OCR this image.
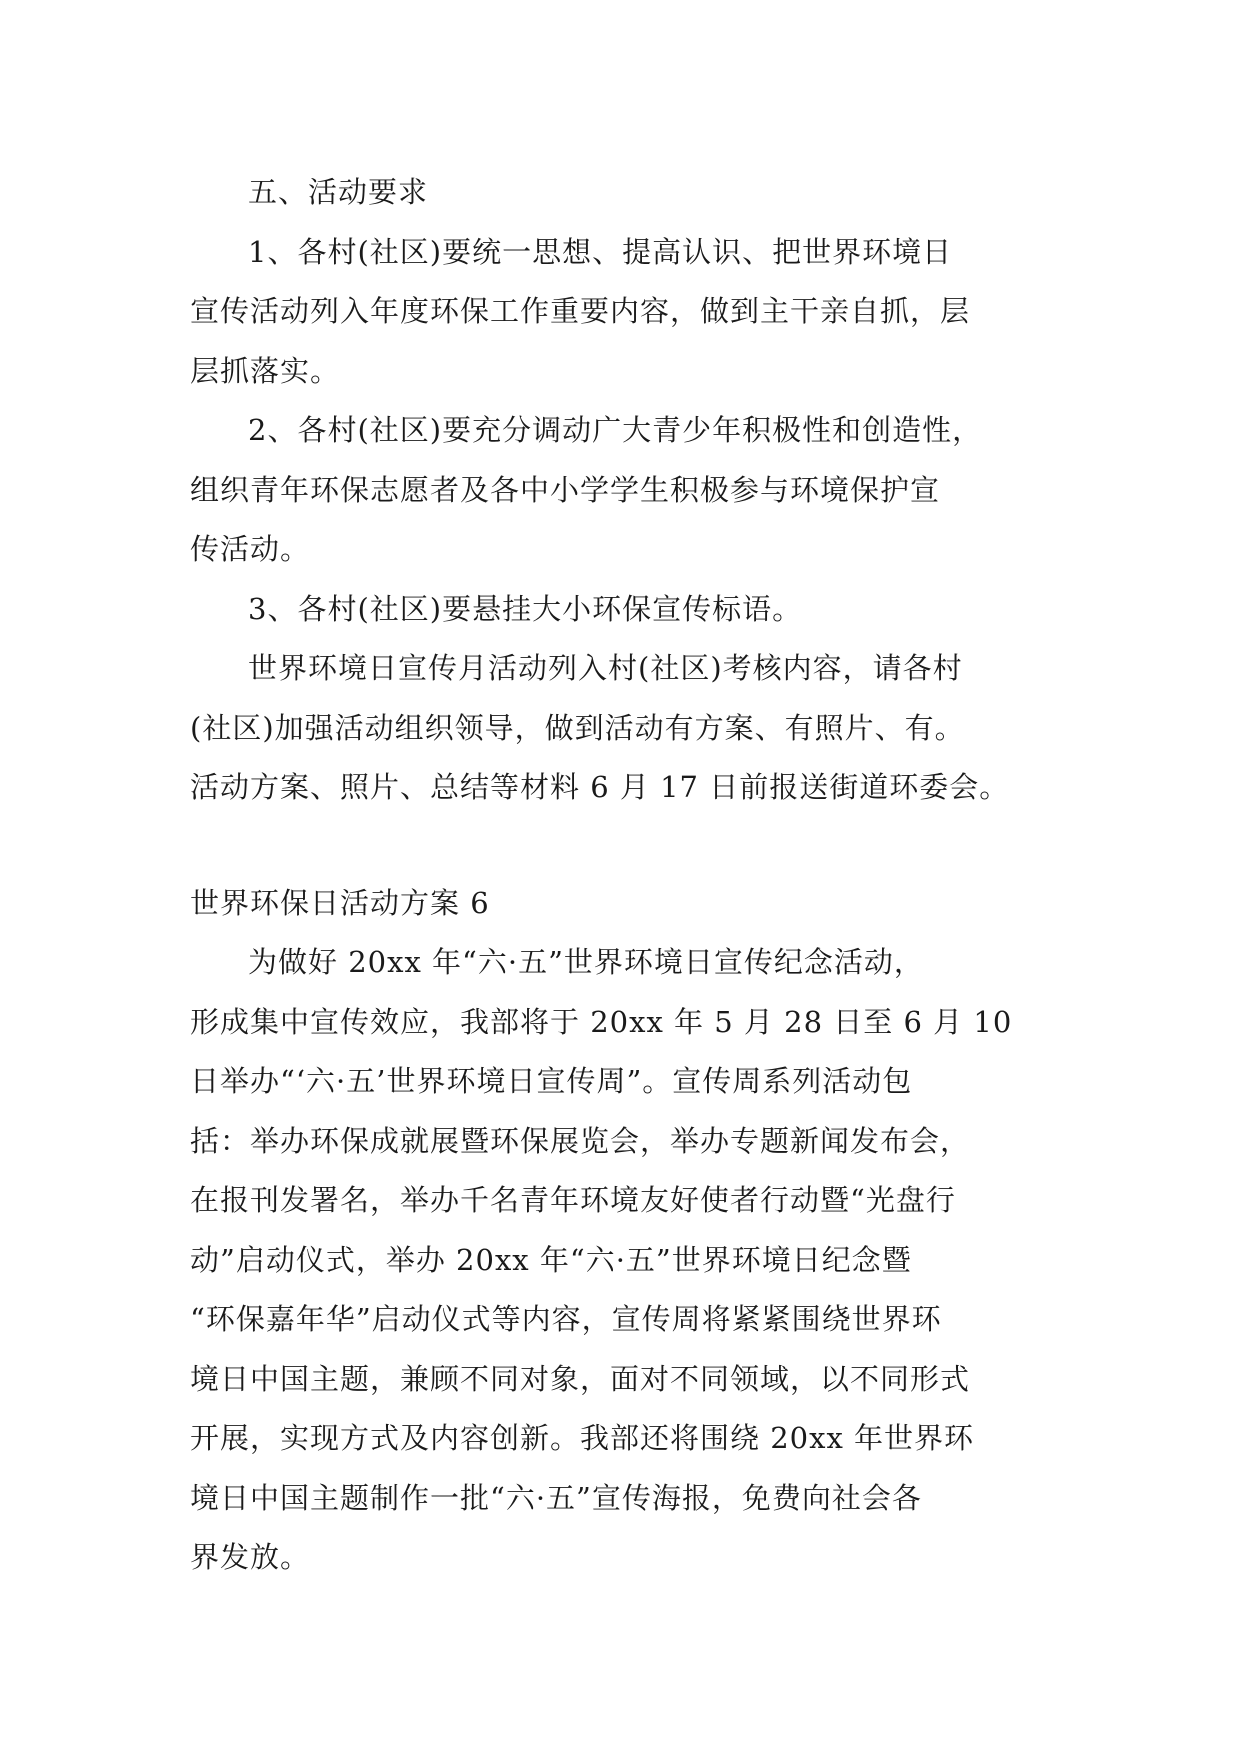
五、活动要求

1、各村(社区)要统一思想、提高认识、把世界环境日
宣传活动列入年度环保工作重要内容，做到主干亲自抓，层
层抓落实。

2、各村(社区)要充分调动广大青少年积极性和创造性，
组织青年环保志愿者及各中小学学生积极参与环境保护宣
传活动。

3、各村(社区)要悬挂大小环保宣传标语。

世界环境日宣传月活动列入村(社区)考核内容，请各村
(社区)加强活动组织领导，做到活动有方案、有照片、有。
活动方案、照片、总结等材料 6 月 17 日前报送街道环委会。

世界环保日活动方案 6

为做好 20xx 年“六·五”世界环境日宣传纪念活动，
形成集中宣传效应，我部将于 20xx 年 5 月 28 日至 6 月 10
日举办“‘六·五’世界环境日宣传周”。宣传周系列活动包
括：举办环保成就展暨环保展览会，举办专题新闻发布会，
在报刊发署名，举办千名青年环境友好使者行动暨“光盘行
动”启动仪式，举办 20xx 年“六·五”世界环境日纪念暨
“环保嘉年华”启动仪式等内容，宣传周将紧紧围绕世界环
境日中国主题，兼顾不同对象，面对不同领域，以不同形式
开展，实现方式及内容创新。我部还将围绕 20xx 年世界环
境日中国主题制作一批“六·五”宣传海报，免费向社会各
界发放。
